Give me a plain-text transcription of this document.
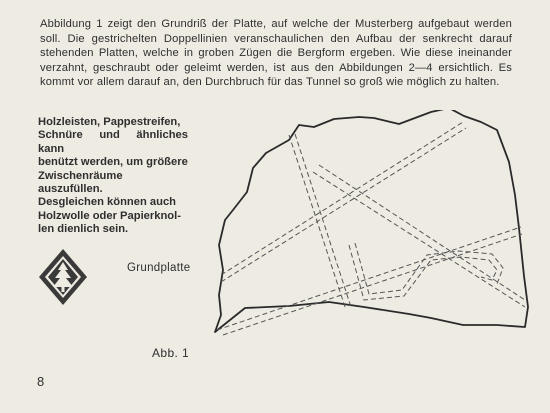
Abbildung 1 zeigt den Grundriß der Platte, auf welche der Musterberg aufgebaut werden soll. Die gestrichelten Doppellinien veranschaulichen den Aufbau der senkrecht darauf stehenden Platten, welche in groben Zügen die Bergform ergeben. Wie diese ineinander verzahnt, geschraubt oder geleimt werden, ist aus den Abbildungen 2—4 ersichtlich. Es kommt vor allem darauf an, den Durchbruch für das Tunnel so groß wie möglich zu halten.

Holzleisten, Pappestreifen,
Schnüre und ähnliches kann
benützt werden, um größere
Zwischenräume auszufüllen.
Desgleichen können auch
Holzwolle oder Papierknol-
len dienlich sein.
Grundplatte
Abb. 1
8
